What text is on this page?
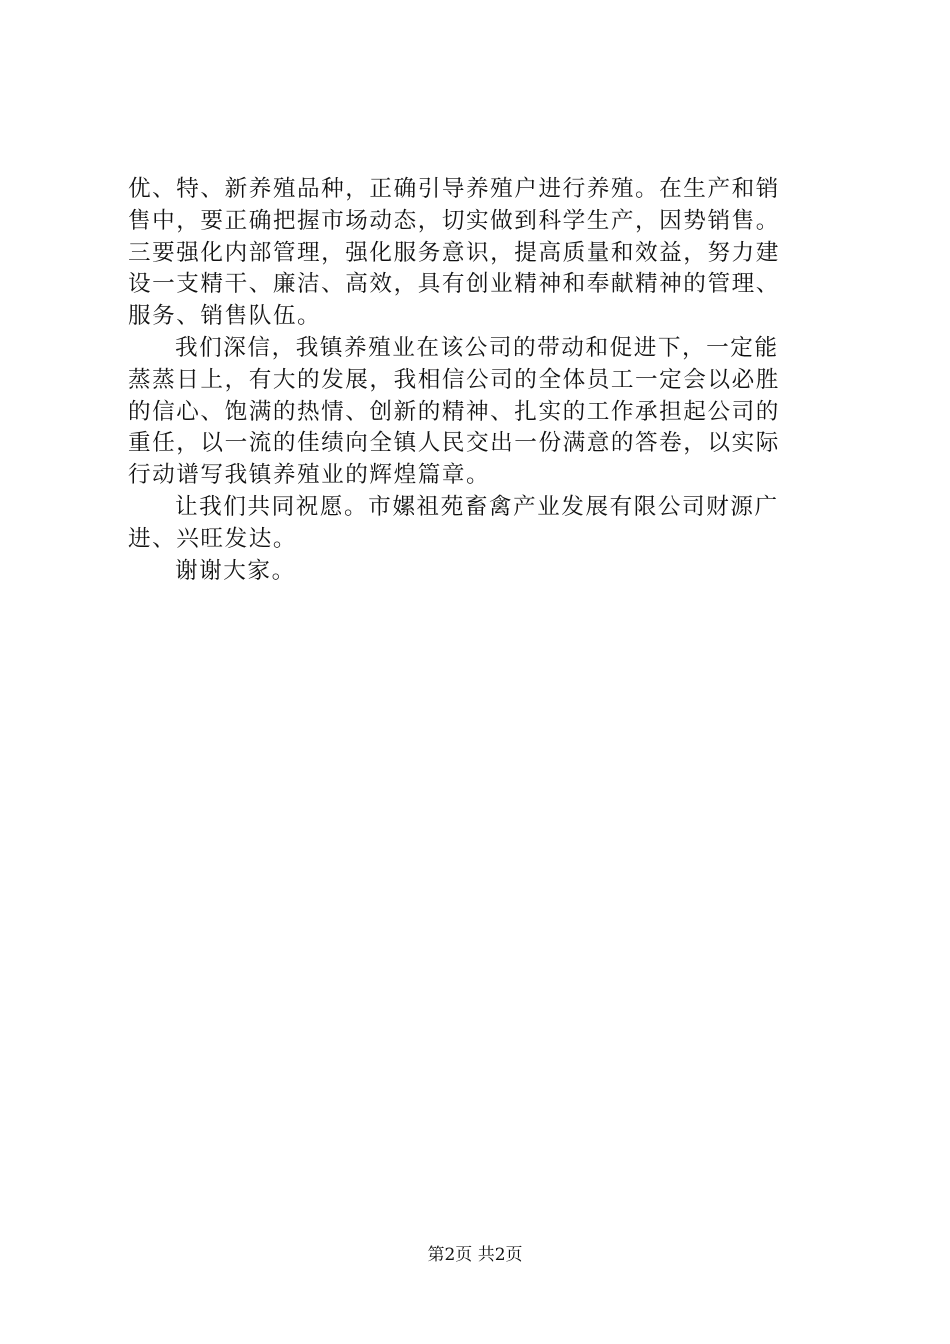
优、特、新养殖品种，正确引导养殖户进行养殖。在生产和销
售中，要正确把握市场动态，切实做到科学生产，因势销售。
三要强化内部管理，强化服务意识，提高质量和效益，努力建
设一支精干、廉洁、高效，具有创业精神和奉献精神的管理、
服务、销售队伍。
我们深信，我镇养殖业在该公司的带动和促进下，一定能
蒸蒸日上，有大的发展，我相信公司的全体员工一定会以必胜
的信心、饱满的热情、创新的精神、扎实的工作承担起公司的
重任，以一流的佳绩向全镇人民交出一份满意的答卷，以实际
行动谱写我镇养殖业的辉煌篇章。
让我们共同祝愿。市嫘祖苑畜禽产业发展有限公司财源广
进、兴旺发达。
谢谢大家。
第2页 共2页
